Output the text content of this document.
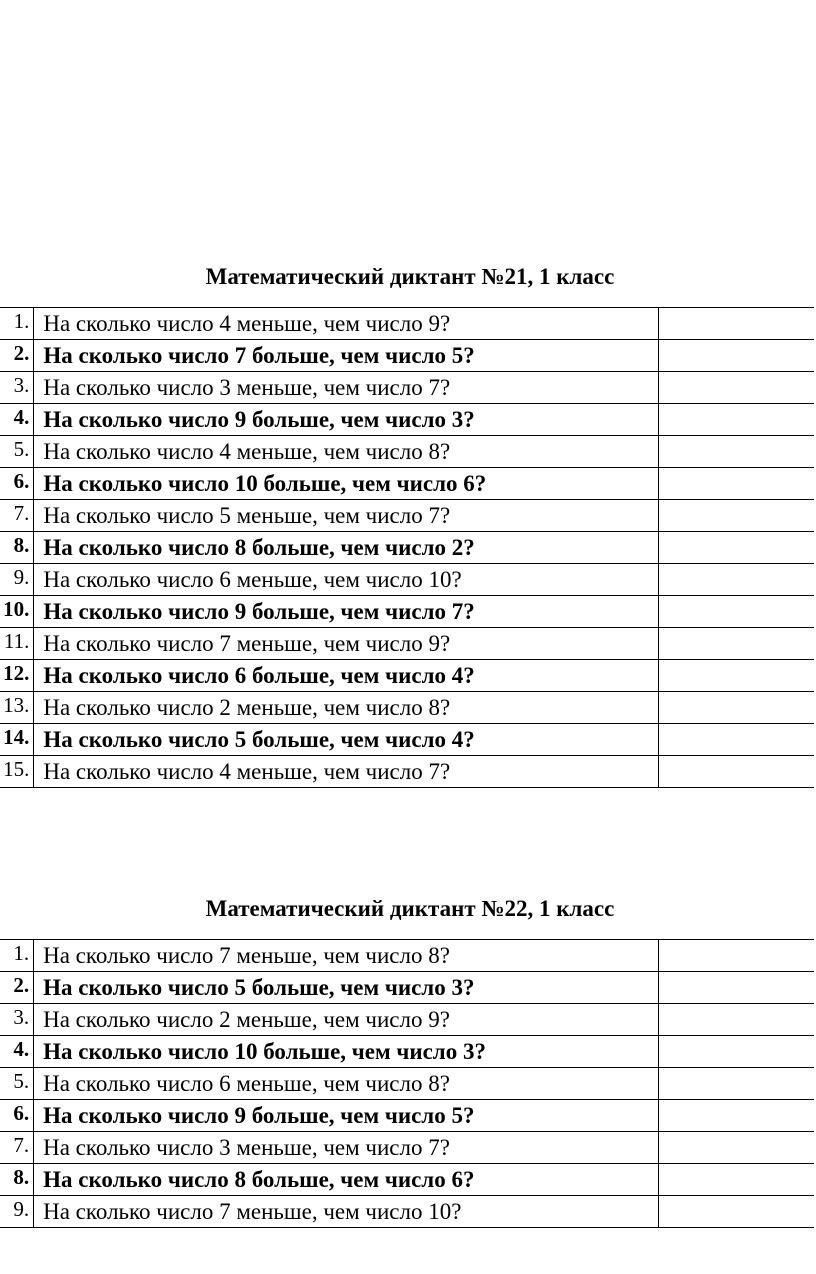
Математический диктант №21, 1 класс
1.	На сколько число 4 меньше, чем число 9?	
2.	На сколько число 7 больше, чем число 5?	
3.	На сколько число 3 меньше, чем число 7?	
4.	На сколько число 9 больше, чем число 3?	
5.	На сколько число 4 меньше, чем число 8?	
6.	На сколько число 10 больше, чем число 6?	
7.	На сколько число 5 меньше, чем число 7?	
8.	На сколько число 8 больше, чем число 2?	
9.	На сколько число 6 меньше, чем число 10?	
10.	На сколько число 9 больше, чем число 7?	
11.	На сколько число 7 меньше, чем число 9?	
12.	На сколько число 6 больше, чем число 4?	
13.	На сколько число 2 меньше, чем число 8?	
14.	На сколько число 5 больше, чем число 4?	
15.	На сколько число 4 меньше, чем число 7?	
Математический диктант №22, 1 класс
1.	На сколько число 7 меньше, чем число 8?	
2.	На сколько число 5 больше, чем число 3?	
3.	На сколько число 2 меньше, чем число 9?	
4.	На сколько число 10 больше, чем число 3?	
5.	На сколько число 6 меньше, чем число 8?	
6.	На сколько число 9 больше, чем число 5?	
7.	На сколько число 3 меньше, чем число 7?	
8.	На сколько число 8 больше, чем число 6?	
9.	На сколько число 7 меньше, чем число 10?	
